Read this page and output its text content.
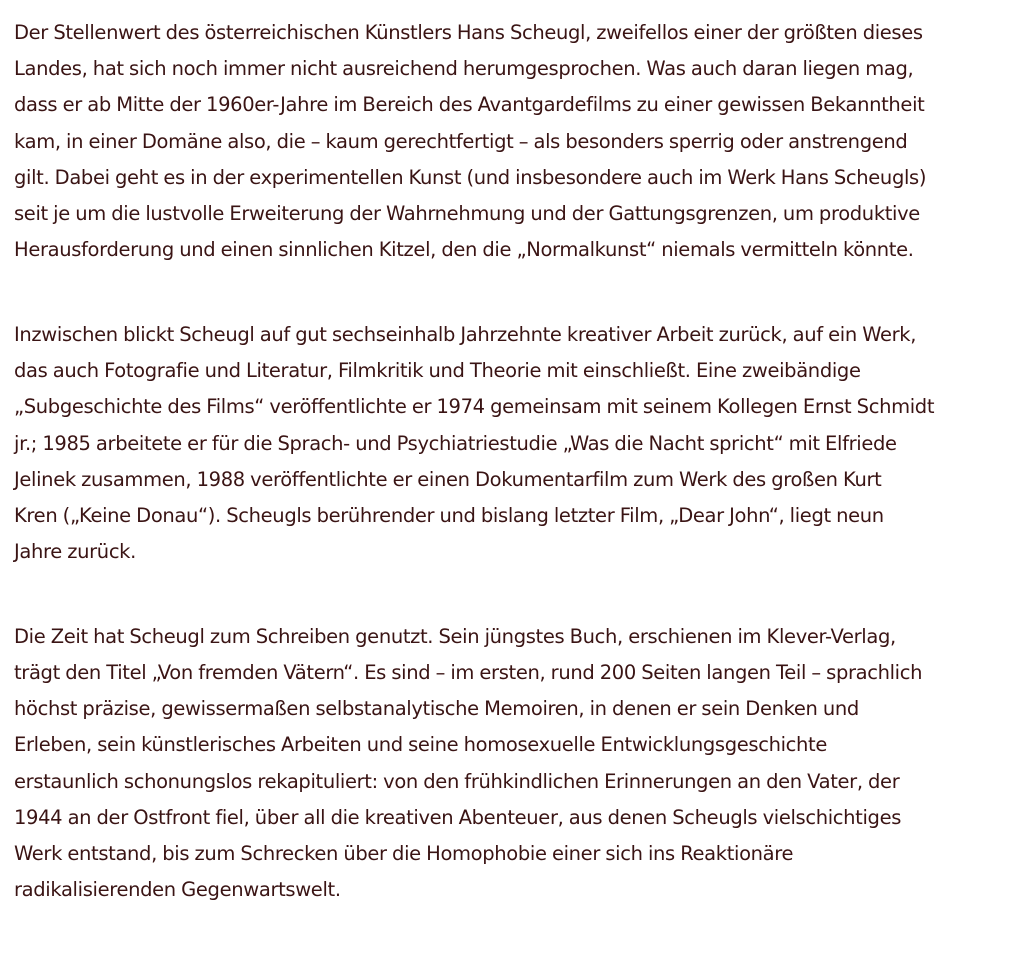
Der Stellenwert des österreichischen Künstlers Hans Scheugl, zweifellos einer der größten dieses
Landes, hat sich noch immer nicht ausreichend herumgesprochen. Was auch daran liegen mag,
dass er ab Mitte der 1960er-Jahre im Bereich des Avantgardefilms zu einer gewissen Bekanntheit
kam, in einer Domäne also, die – kaum gerechtfertigt – als besonders sperrig oder anstrengend
gilt. Dabei geht es in der experimentellen Kunst (und insbesondere auch im Werk Hans Scheugls)
seit je um die lustvolle Erweiterung der Wahrnehmung und der Gattungsgrenzen, um produktive
Herausforderung und einen sinnlichen Kitzel, den die „Normalkunst“ niemals vermitteln könnte.

Inzwischen blickt Scheugl auf gut sechseinhalb Jahrzehnte kreativer Arbeit zurück, auf ein Werk,
das auch Fotografie und Literatur, Filmkritik und Theorie mit einschließt. Eine zweibändige
„Subgeschichte des Films“ veröffentlichte er 1974 gemeinsam mit seinem Kollegen Ernst Schmidt
jr.; 1985 arbeitete er für die Sprach- und Psychiatriestudie „Was die Nacht spricht“ mit Elfriede
Jelinek zusammen, 1988 veröffentlichte er einen Dokumentarfilm zum Werk des großen Kurt
Kren („Keine Donau“). Scheugls berührender und bislang letzter Film, „Dear John“, liegt neun
Jahre zurück.

Die Zeit hat Scheugl zum Schreiben genutzt. Sein jüngstes Buch, erschienen im Klever-Verlag,
trägt den Titel „Von fremden Vätern“. Es sind – im ersten, rund 200 Seiten langen Teil – sprachlich
höchst präzise, gewissermaßen selbstanalytische Memoiren, in denen er sein Denken und
Erleben, sein künstlerisches Arbeiten und seine homosexuelle Entwicklungsgeschichte
erstaunlich schonungslos rekapituliert: von den frühkindlichen Erinnerungen an den Vater, der
1944 an der Ostfront fiel, über all die kreativen Abenteuer, aus denen Scheugls vielschichtiges
Werk entstand, bis zum Schrecken über die Homophobie einer sich ins Reaktionäre
radikalisierenden Gegenwartswelt.
